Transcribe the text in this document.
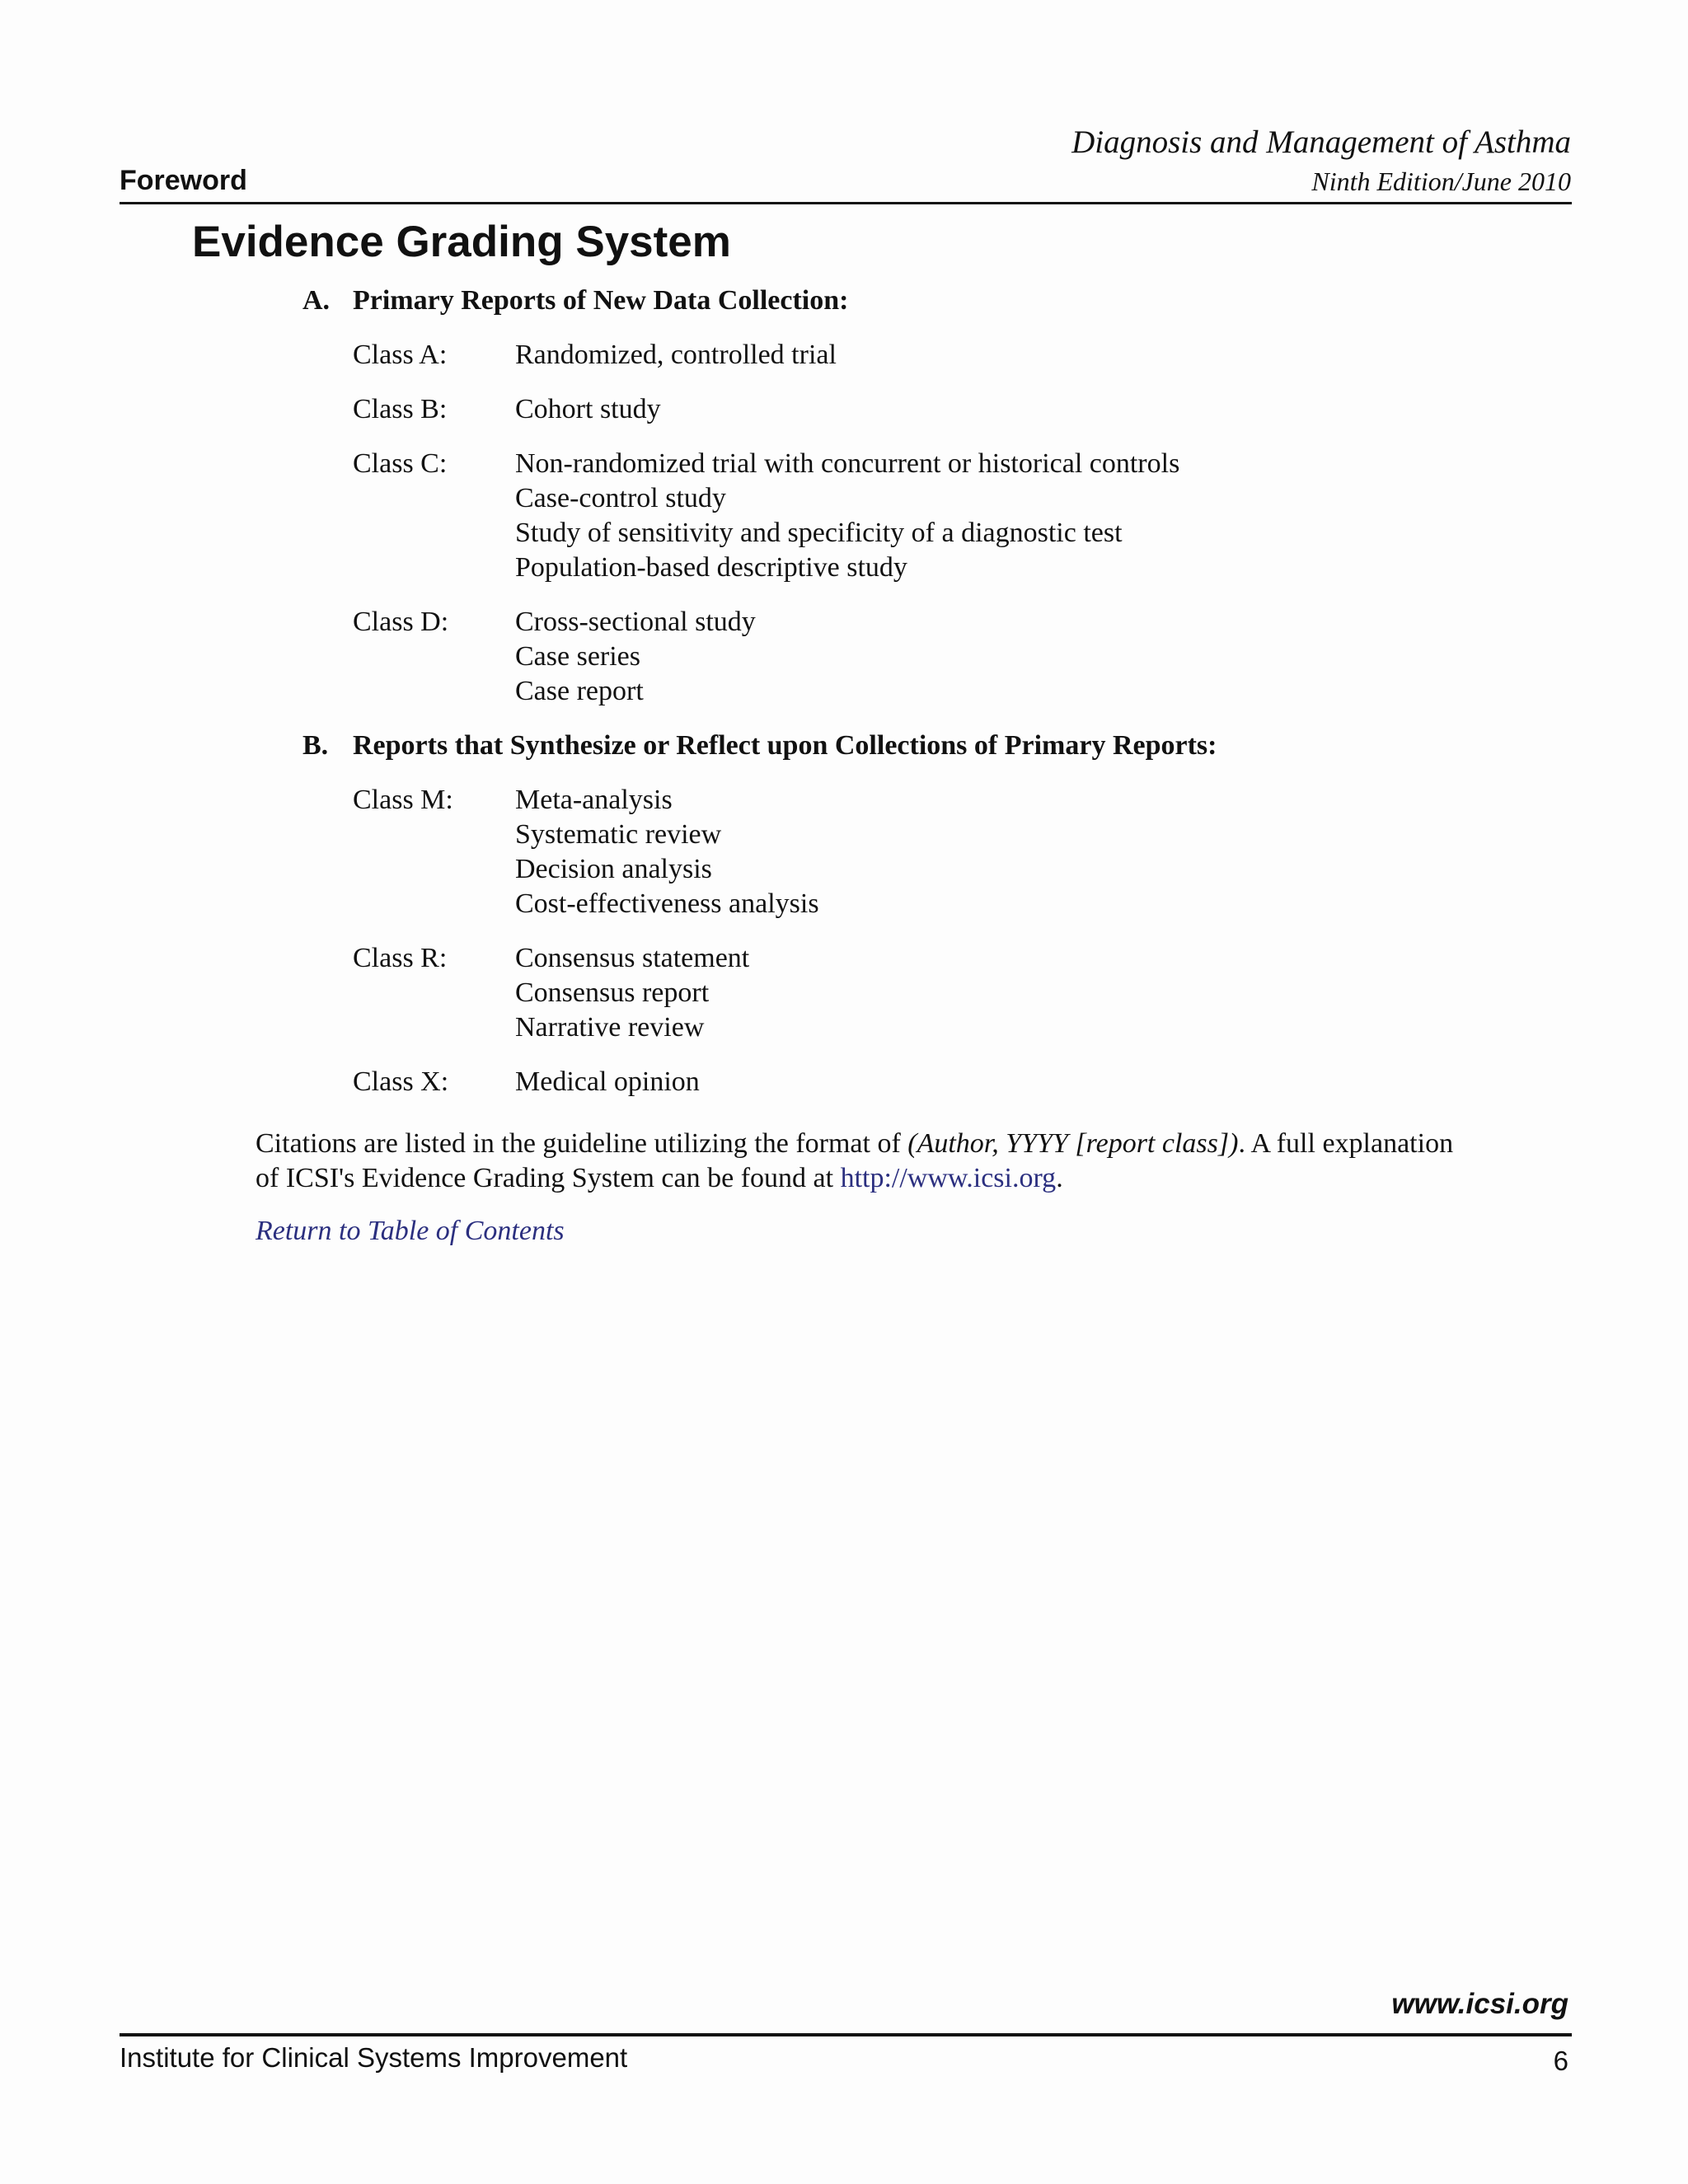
Diagnosis and Management of Asthma
Ninth Edition/June 2010
Foreword
Evidence Grading System
A. Primary Reports of New Data Collection:
Class A: Randomized, controlled trial
Class B: Cohort study
Class C: Non-randomized trial with concurrent or historical controls
Case-control study
Study of sensitivity and specificity of a diagnostic test
Population-based descriptive study
Class D: Cross-sectional study
Case series
Case report
B. Reports that Synthesize or Reflect upon Collections of Primary Reports:
Class M: Meta-analysis
Systematic review
Decision analysis
Cost-effectiveness analysis
Class R: Consensus statement
Consensus report
Narrative review
Class X: Medical opinion

Citations are listed in the guideline utilizing the format of (Author, YYYY [report class]). A full explanation

of ICSI's Evidence Grading System can be found at http://www.icsi.org.

Return to Table of Contents
www.icsi.org
Institute for Clinical Systems Improvement	6
